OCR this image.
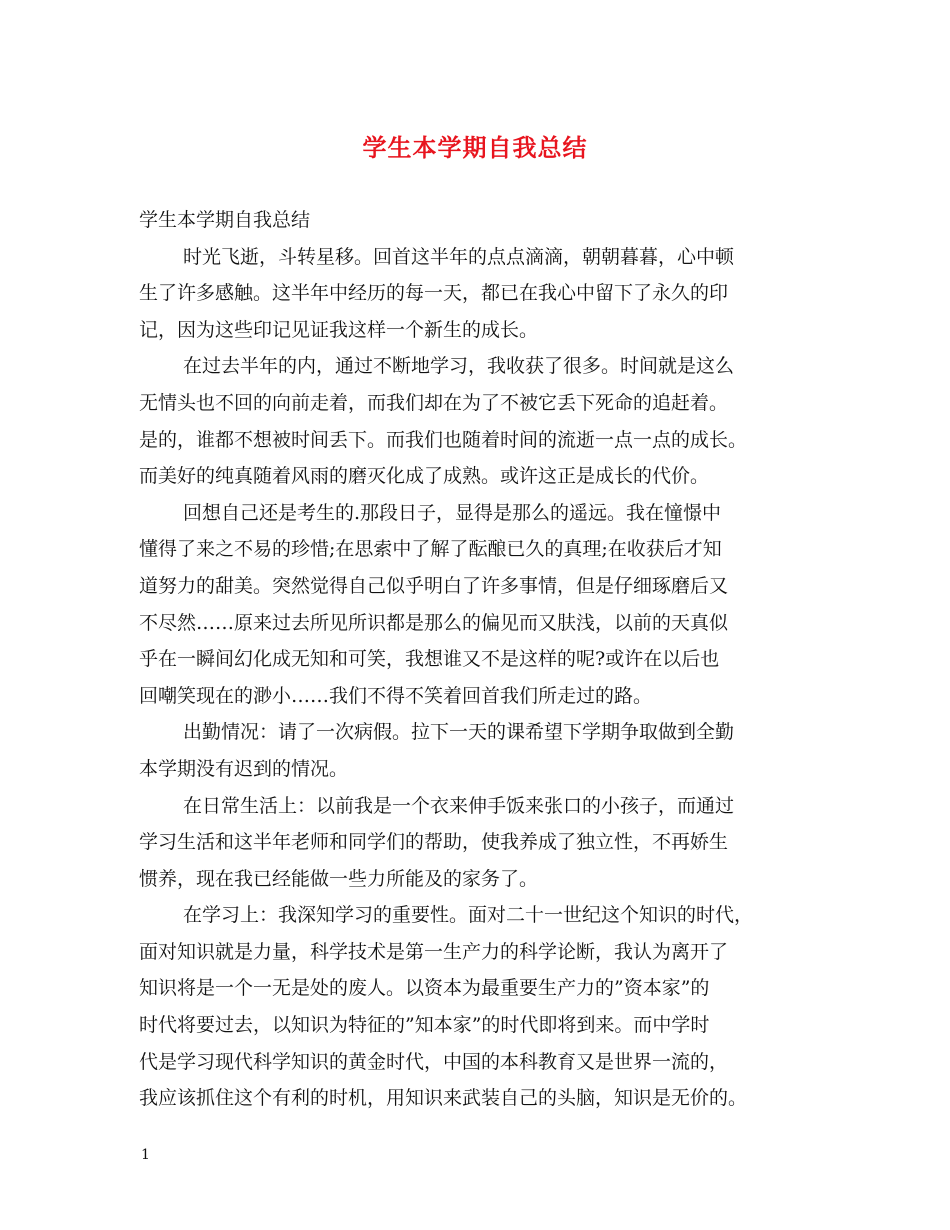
学生本学期自我总结
学生本学期自我总结
时光飞逝，斗转星移。回首这半年的点点滴滴，朝朝暮暮，心中顿
生了许多感触。这半年中经历的每一天，都已在我心中留下了永久的印
记，因为这些印记见证我这样一个新生的成长。
在过去半年的内，通过不断地学习，我收获了很多。时间就是这么
无情头也不回的向前走着，而我们却在为了不被它丢下死命的追赶着。
是的，谁都不想被时间丢下。而我们也随着时间的流逝一点一点的成长。
而美好的纯真随着风雨的磨灭化成了成熟。或许这正是成长的代价。
回想自己还是考生的.那段日子，显得是那么的遥远。我在憧憬中
懂得了来之不易的珍惜;在思索中了解了酝酿已久的真理;在收获后才知
道努力的甜美。突然觉得自己似乎明白了许多事情，但是仔细琢磨后又
不尽然……原来过去所见所识都是那么的偏见而又肤浅，以前的天真似
乎在一瞬间幻化成无知和可笑，我想谁又不是这样的呢?或许在以后也
回嘲笑现在的渺小……我们不得不笑着回首我们所走过的路。
出勤情况：请了一次病假。拉下一天的课希望下学期争取做到全勤
本学期没有迟到的情况。
在日常生活上：以前我是一个衣来伸手饭来张口的小孩子，而通过
学习生活和这半年老师和同学们的帮助，使我养成了独立性，不再娇生
惯养，现在我已经能做一些力所能及的家务了。
在学习上：我深知学习的重要性。面对二十一世纪这个知识的时代，
面对知识就是力量，科学技术是第一生产力的科学论断，我认为离开了
知识将是一个一无是处的废人。以资本为最重要生产力的”资本家”的
时代将要过去，以知识为特征的”知本家”的时代即将到来。而中学时
代是学习现代科学知识的黄金时代，中国的本科教育又是世界一流的，
我应该抓住这个有利的时机，用知识来武装自己的头脑，知识是无价的。

1
